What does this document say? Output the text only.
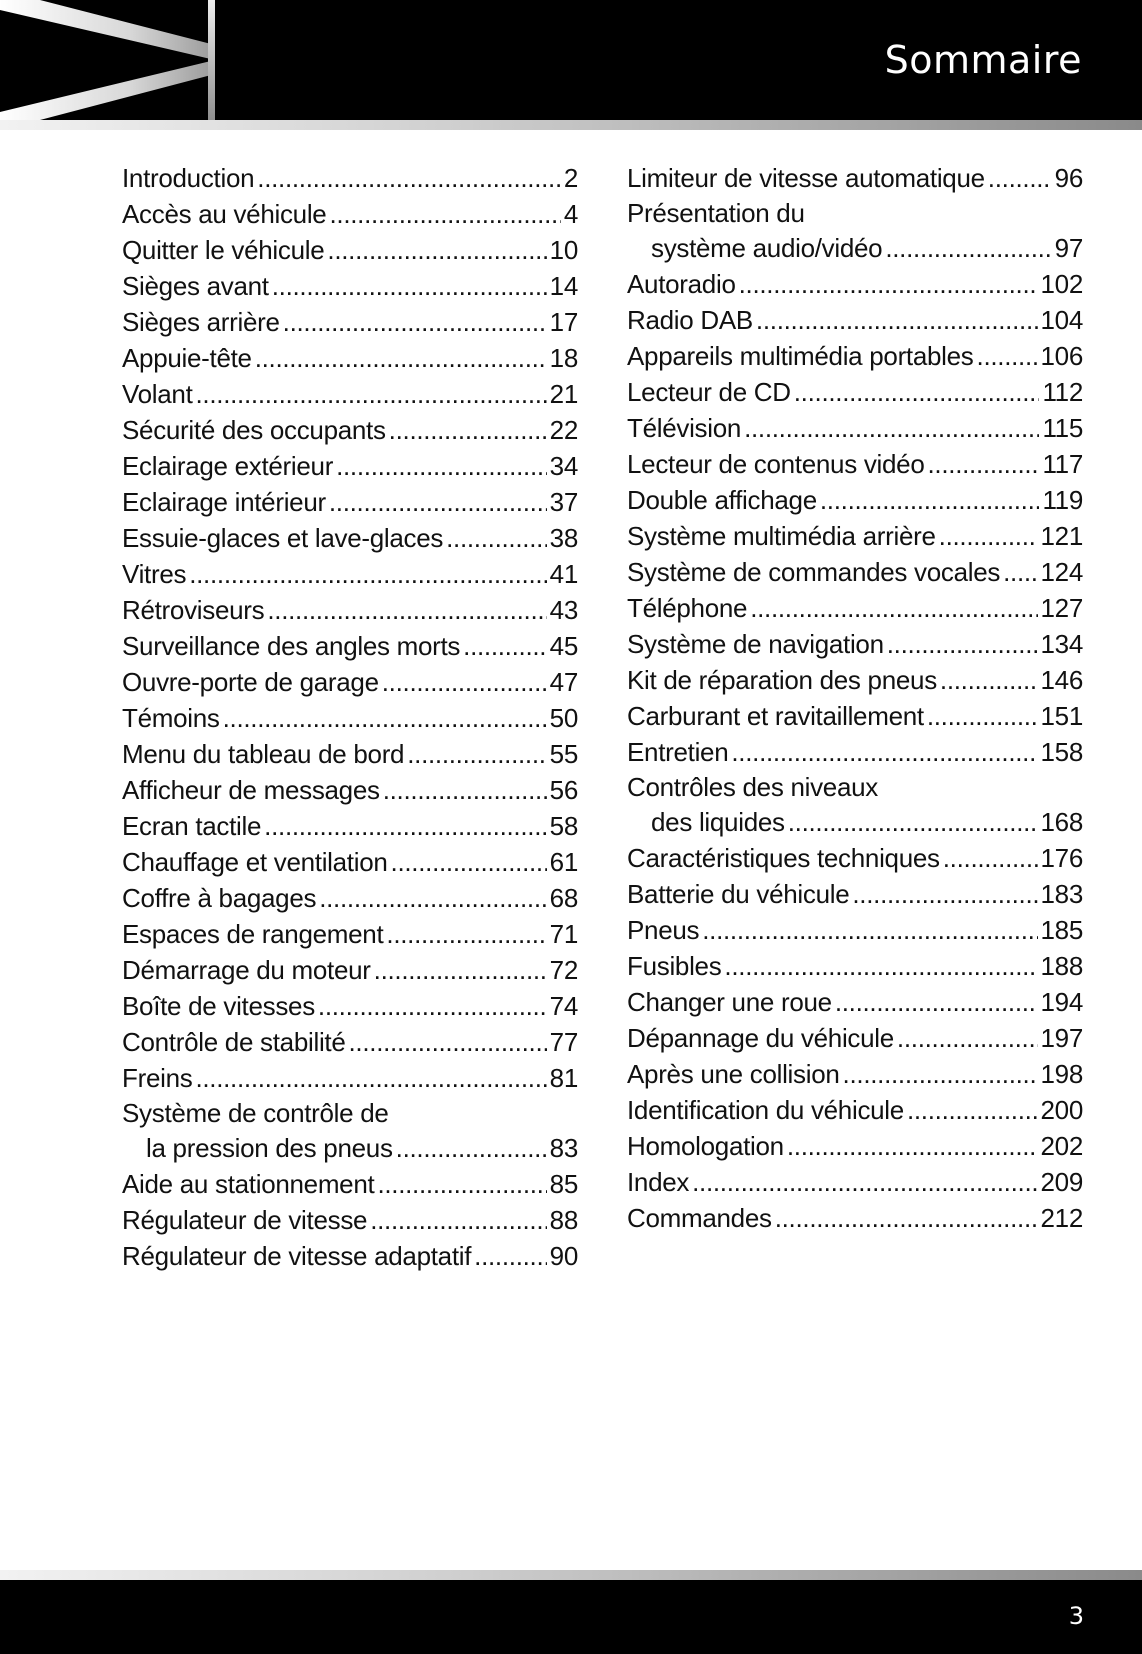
Sommaire
Introduction .....	2
Accès au véhicule .....	4
Quitter le véhicule .....	10
Sièges avant .....	14
Sièges arrière .....	17
Appuie-tête .....	18
Volant .....	21
Sécurité des occupants .....	22
Eclairage extérieur .....	34
Eclairage intérieur .....	37
Essuie-glaces et lave-glaces .....	38
Vitres .....	41
Rétroviseurs .....	43
Surveillance des angles morts .....	45
Ouvre-porte de garage .....	47
Témoins .....	50
Menu du tableau de bord .....	55
Afficheur de messages .....	56
Ecran tactile .....	58
Chauffage et ventilation .....	61
Coffre à bagages .....	68
Espaces de rangement .....	71
Démarrage du moteur .....	72
Boîte de vitesses .....	74
Contrôle de stabilité .....	77
Freins .....	81
Système de contrôle de
la pression des pneus .....	83
Aide au stationnement .....	85
Régulateur de vitesse .....	88
Régulateur de vitesse adaptatif .....	90
Limiteur de vitesse automatique .....	96
Présentation du
système audio/vidéo .....	97
Autoradio .....	102
Radio DAB .....	104
Appareils multimédia portables .....	106
Lecteur de CD .....	112
Télévision .....	115
Lecteur de contenus vidéo .....	117
Double affichage .....	119
Système multimédia arrière .....	121
Système de commandes vocales ..... 124
Téléphone .....	127
Système de navigation .....	134
Kit de réparation des pneus .....	146
Carburant et ravitaillement .....	151
Entretien .....	158
Contrôles des niveaux
des liquides .....	168
Caractéristiques techniques .....	176
Batterie du véhicule .....	183
Pneus .....	185
Fusibles .....	188
Changer une roue .....	194
Dépannage du véhicule .....	197
Après une collision .....	198
Identification du véhicule .....	200
Homologation .....	202
Index .....	209
Commandes .....	212
3
